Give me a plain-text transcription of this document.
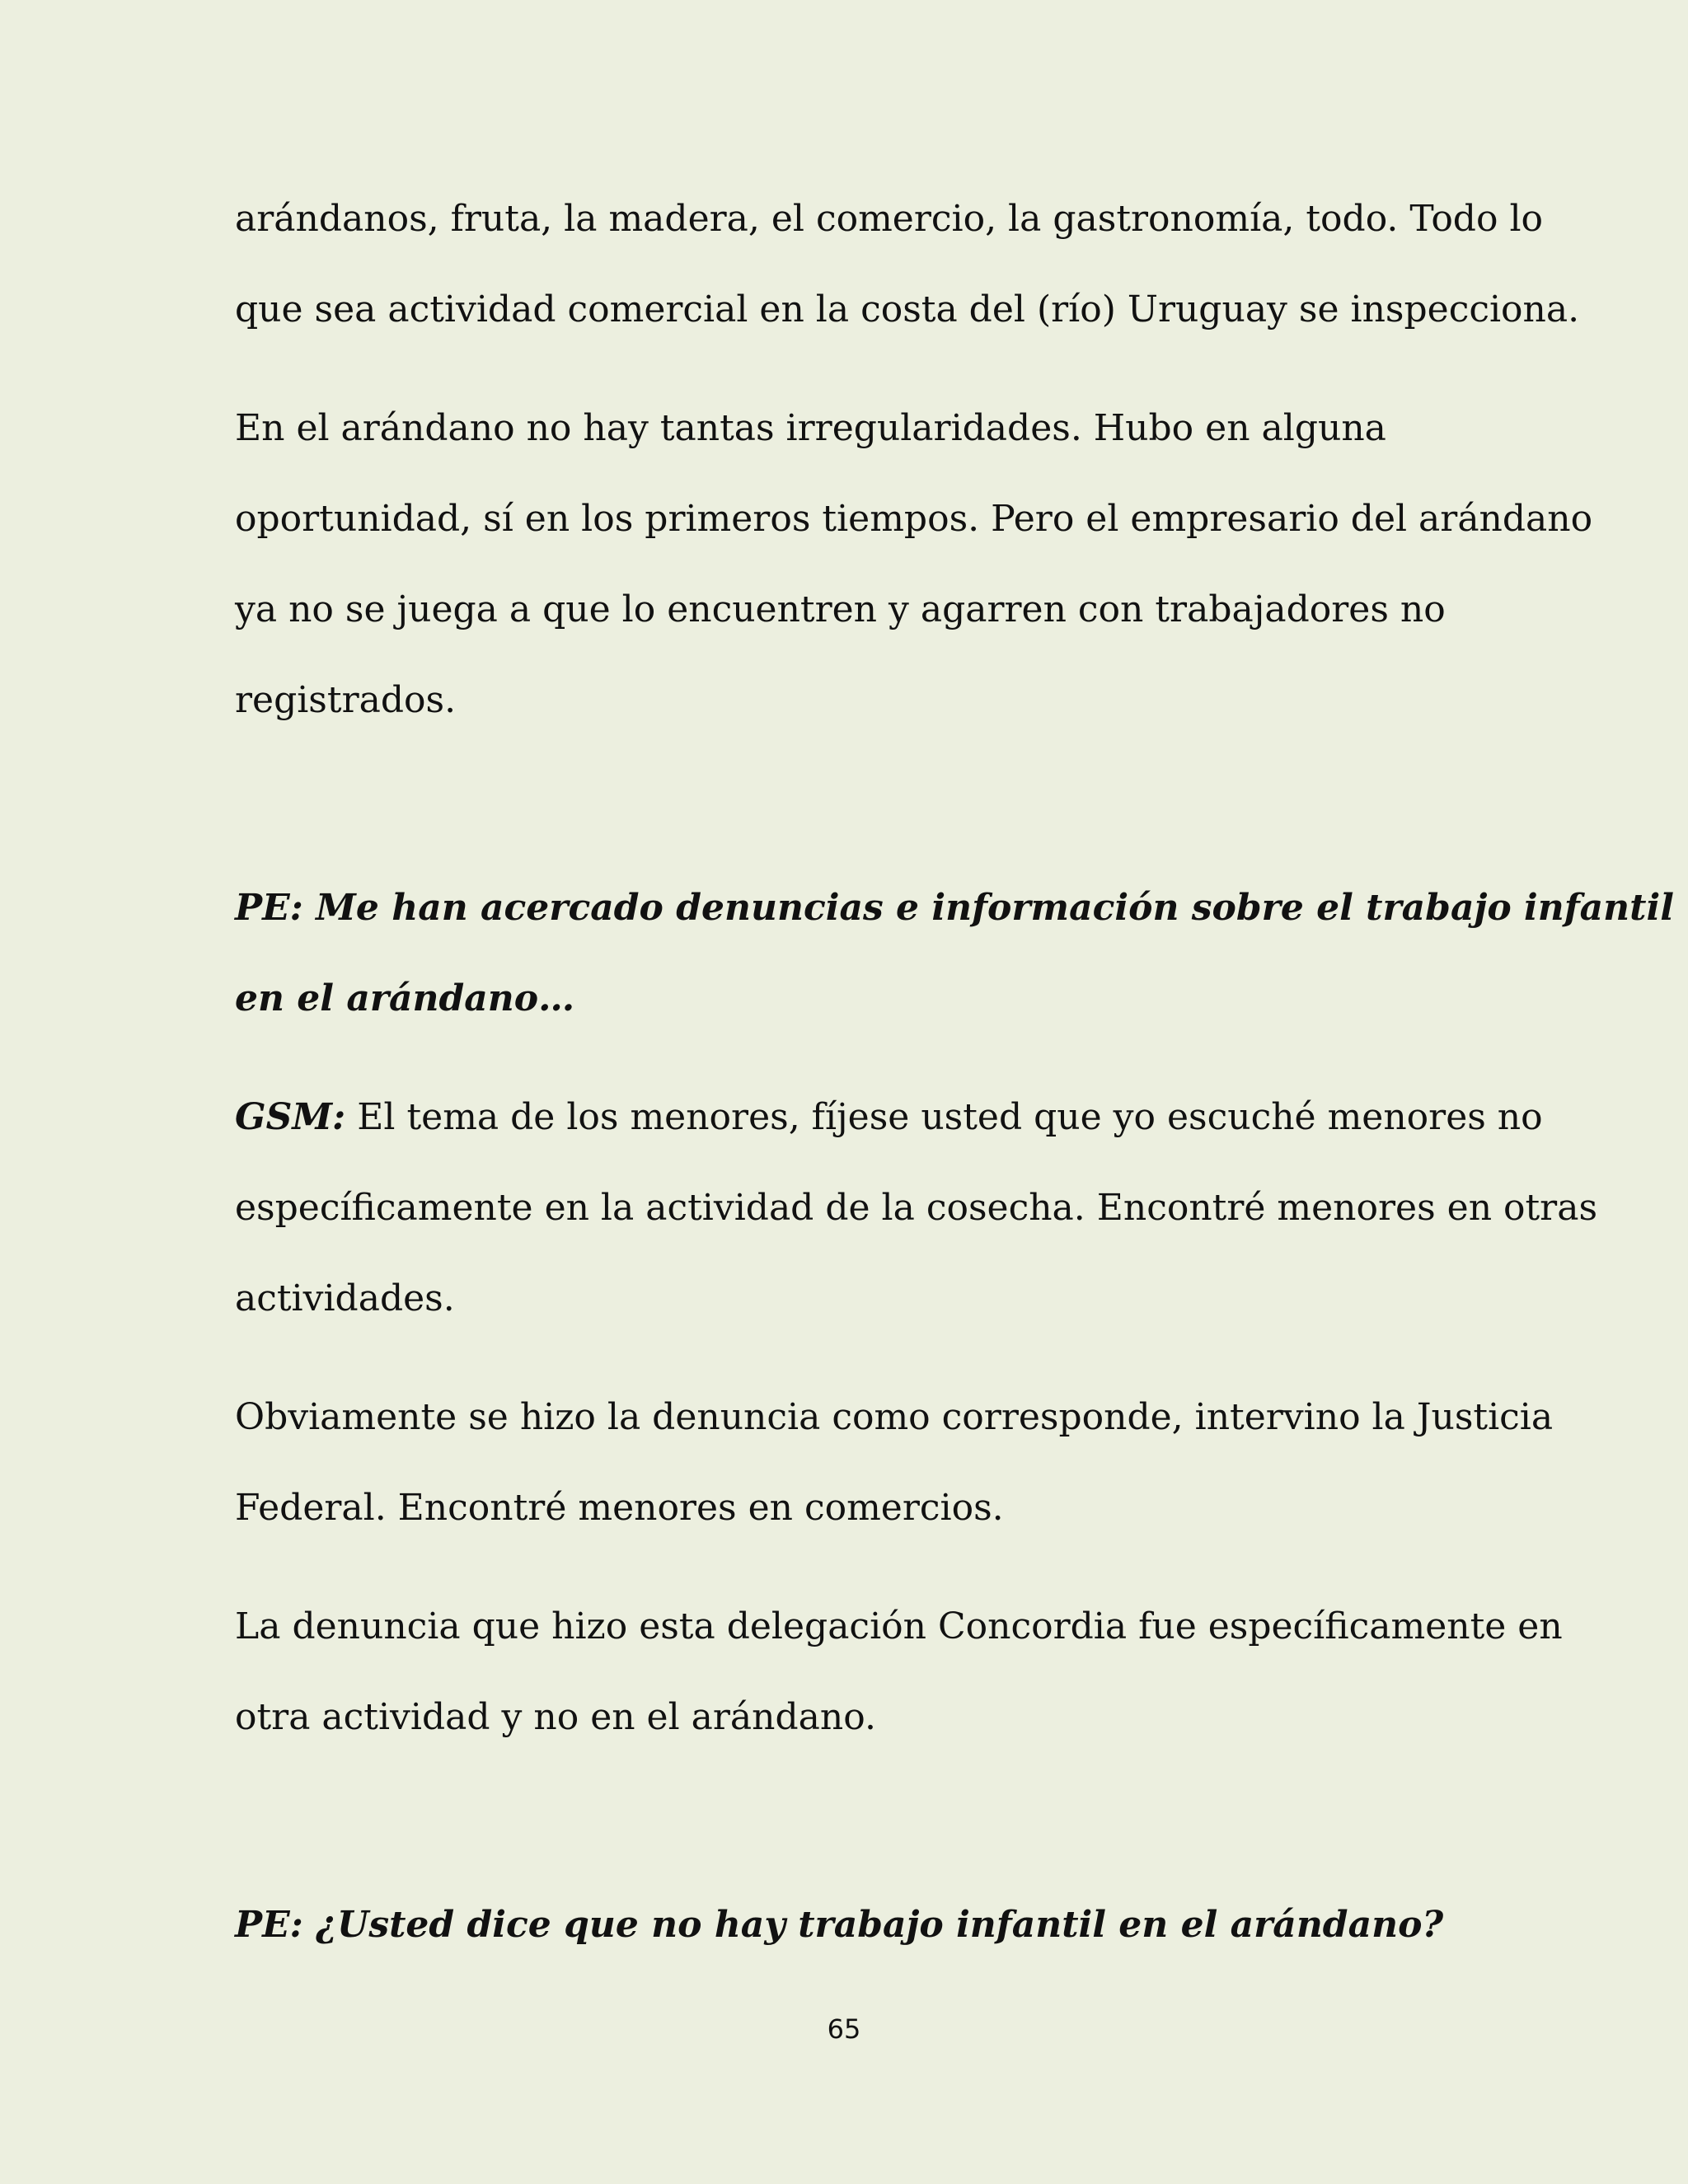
arándanos, fruta, la madera, el comercio, la gastronomía, todo. Todo lo

que sea actividad comercial en la costa del (río) Uruguay se inspecciona.

En el arándano no hay tantas irregularidades. Hubo en alguna

oportunidad, sí en los primeros tiempos. Pero el empresario del arándano

ya no se juega a que lo encuentren y agarren con trabajadores no

registrados.

PE: Me han acercado denuncias e información sobre el trabajo infantil

en el arándano…

GSM: El tema de los menores, fíjese usted que yo escuché menores no

específicamente en la actividad de la cosecha. Encontré menores en otras

actividades.

Obviamente se hizo la denuncia como corresponde, intervino la Justicia

Federal. Encontré menores en comercios.

La denuncia que hizo esta delegación Concordia fue específicamente en

otra actividad y no en el arándano.

PE: ¿Usted dice que no hay trabajo infantil en el arándano?

65
